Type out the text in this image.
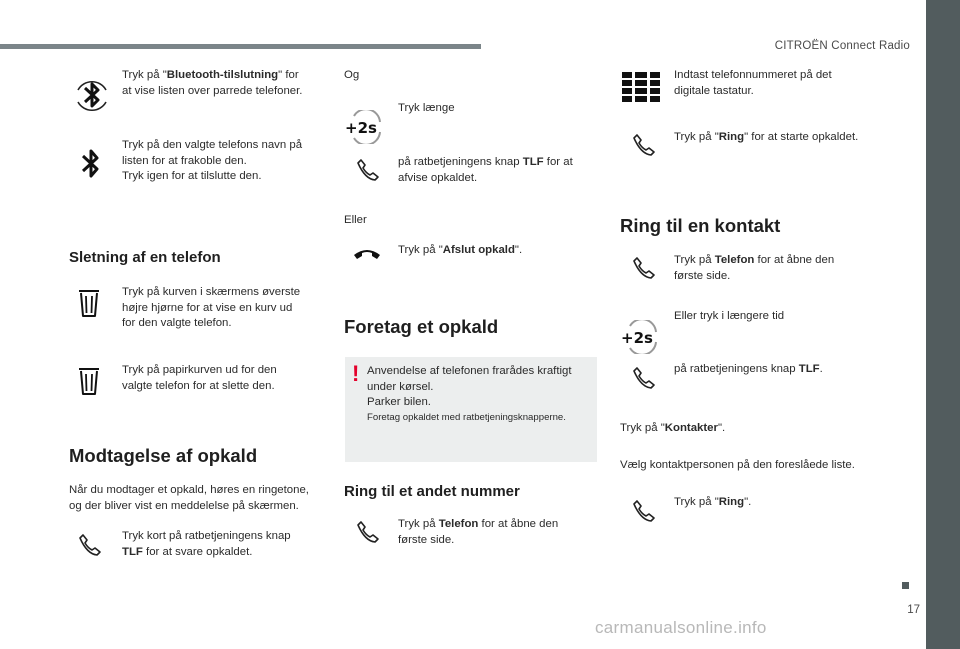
CITROËN Connect Radio
17
Tryk på "Bluetooth-tilslutning" for
at vise listen over parrede telefoner.
Tryk på den valgte telefons navn på
listen for at frakoble den.
Tryk igen for at tilslutte den.
Sletning af en telefon
Tryk på kurven i skærmens øverste
højre hjørne for at vise en kurv ud
for den valgte telefon.
Tryk på papirkurven ud for den
valgte telefon for at slette den.
Modtagelse af opkald
Når du modtager et opkald, høres en ringetone,
og der bliver vist en meddelelse på skærmen.
Tryk kort på ratbetjeningens knap
TLF for at svare opkaldet.
Og
+2s
Tryk længe
på ratbetjeningens knap TLF for at
afvise opkaldet.
Eller
Tryk på "Afslut opkald".
Foretag et opkald
! Anvendelse af telefonen frarådes kraftigt
under kørsel.
Parker bilen.
Foretag opkaldet med ratbetjeningsknapperne.
Ring til et andet nummer
Tryk på Telefon for at åbne den
første side.
Indtast telefonnummeret på det
digitale tastatur.
Tryk på "Ring" for at starte opkaldet.
Ring til en kontakt
Tryk på Telefon for at åbne den
første side.
+2s
Eller tryk i længere tid
på ratbetjeningens knap TLF.
Tryk på "Kontakter".
Vælg kontaktpersonen på den foreslåede liste.
Tryk på "Ring".
carmanualsonline.info
